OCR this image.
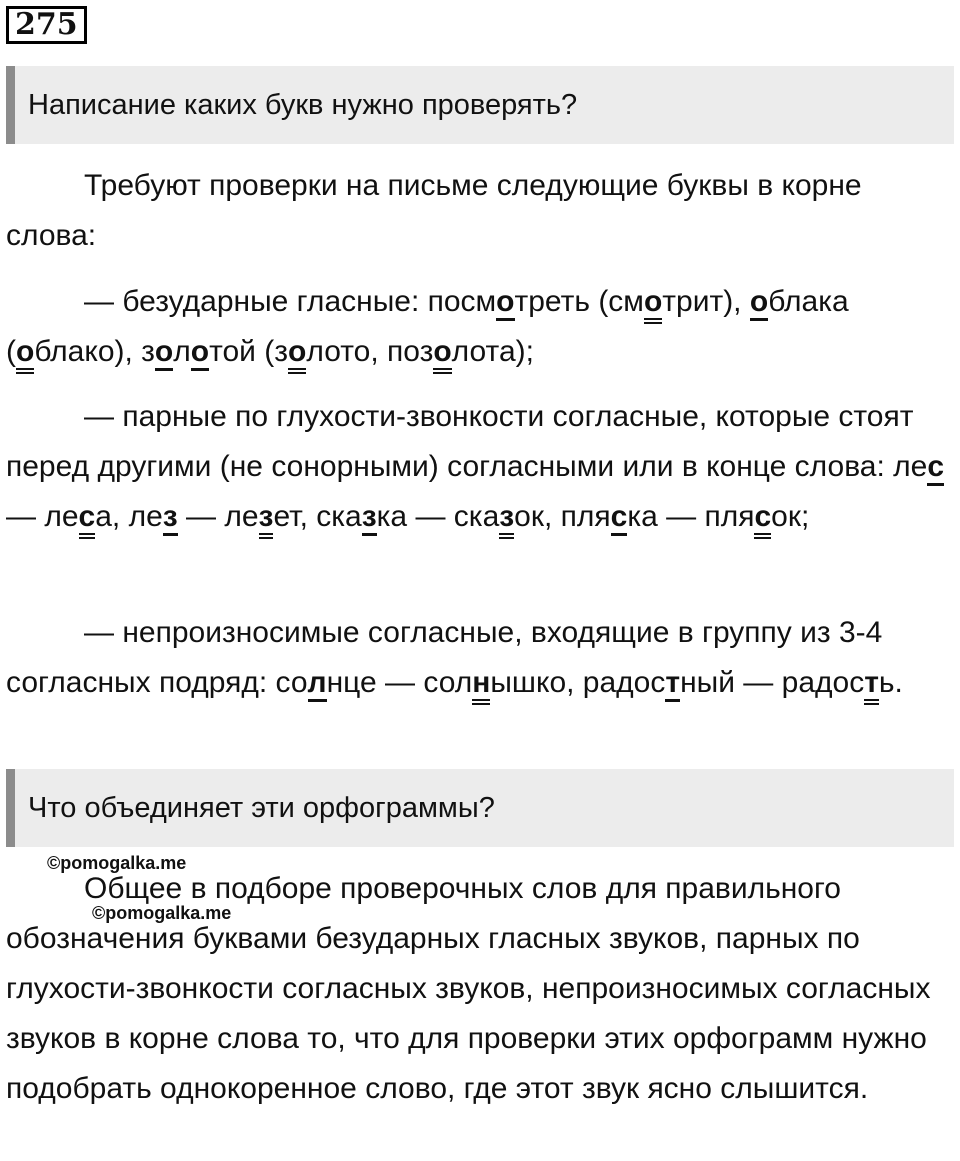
275
Написание каких букв нужно проверять?
Требуют проверки на письме следующие буквы в корне слова:
— безударные гласные: посмотреть (смотрит), облака (облако), золотой (золото, позолота);
— парные по глухости-звонкости согласные, которые стоят перед другими (не сонорными) согласными или в конце слова: лес — леса, лез — лезет, сказка — сказок, пляска — плясок;
— непроизносимые согласные, входящие в группу из 3-4 согласных подряд: солнце — солнышко, радостный — радость.
Что объединяет эти орфограммы?
Общее в подборе проверочных слов для правильного обозначения буквами безударных гласных звуков, парных по глухости-звонкости согласных звуков, непроизносимых согласных звуков в корне слова то, что для проверки этих орфограмм нужно подобрать однокоренное слово, где этот звук ясно слышится.
©pomogalka.me
©pomogalka.me
